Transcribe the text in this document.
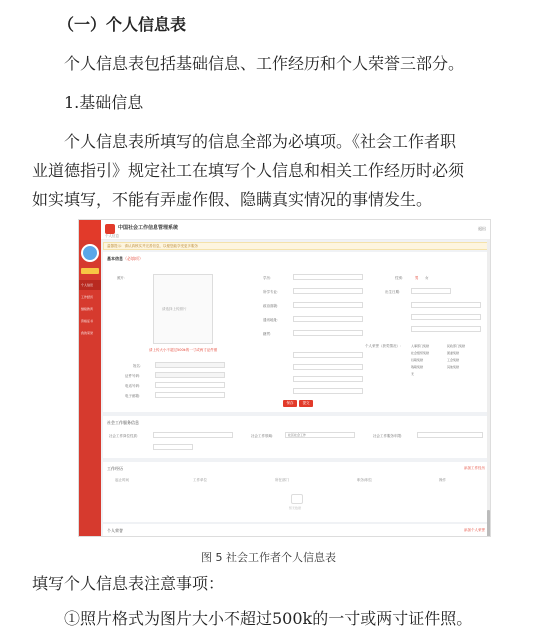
（一）个人信息表
个人信息表包括基础信息、工作经历和个人荣誉三部分。
1.基础信息
个人信息表所填写的信息全部为必填项。《社会工作者职
业道德指引》规定社工在填写个人信息和相关工作经历时必须
如实填写，不能有弄虚作假、隐瞒真实情况的事情发生。
个人信息
工作经历
继续教育
资格证书
我的荣誉
中国社会工作信息管理系统
个人信息
退出
温馨提示：请认真核实并完善信息，以便您能享受更多服务
基本信息（必填项）
照片：
请选择上传照片
请上传大小不超过500k的一寸或两寸证件照
姓名：
证件号码：
电话号码：
电子邮箱：
学历：
所学专业：
政治面貌：
通讯地址：
籍贯：
性别：	男 女
出生日期：
个人荣誉（获奖情况）：	人事部门奖励	民政部门奖励
社会组织奖励	团委奖励
妇联奖励	工会奖励
残联奖励	其他奖励
无
保存	提交
社会工作服务信息
社会工作岗位性质：	社会工作领域：	社区社会工作	社会工作服务年限：
工作经历	添加工作经历
起止时间	工作单位	所在部门	职务/职位	操作
暂无数据
个人荣誉	添加个人荣誉
图 5 社会工作者个人信息表
填写个人信息表注意事项：
①照片格式为图片大小不超过500k的一寸或两寸证件照。
